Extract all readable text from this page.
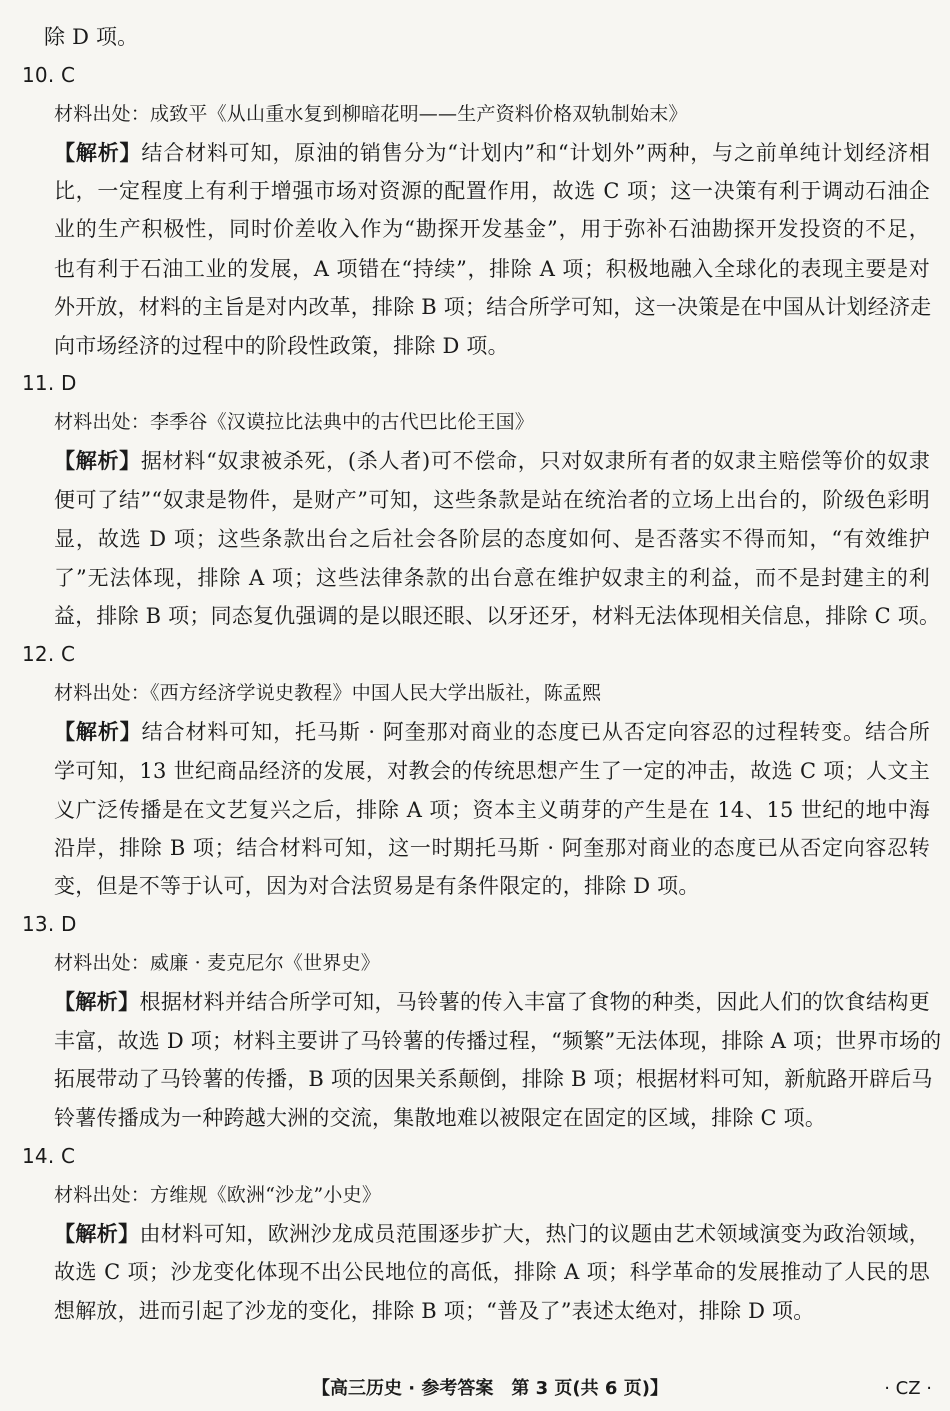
除 D 项。
10. C
材料出处：成致平《从山重水复到柳暗花明——生产资料价格双轨制始末》
【解析】结合材料可知，原油的销售分为“计划内”和“计划外”两种，与之前单纯计划经济相
比，一定程度上有利于增强市场对资源的配置作用，故选 C 项；这一决策有利于调动石油企
业的生产积极性，同时价差收入作为“勘探开发基金”，用于弥补石油勘探开发投资的不足，
也有利于石油工业的发展，A 项错在“持续”，排除 A 项；积极地融入全球化的表现主要是对
外开放，材料的主旨是对内改革，排除 B 项；结合所学可知，这一决策是在中国从计划经济走
向市场经济的过程中的阶段性政策，排除 D 项。
11. D
材料出处：李季谷《汉谟拉比法典中的古代巴比伦王国》
【解析】据材料“奴隶被杀死，(杀人者)可不偿命，只对奴隶所有者的奴隶主赔偿等价的奴隶
便可了结”“奴隶是物件，是财产”可知，这些条款是站在统治者的立场上出台的，阶级色彩明
显，故选 D 项；这些条款出台之后社会各阶层的态度如何、是否落实不得而知，“有效维护
了”无法体现，排除 A 项；这些法律条款的出台意在维护奴隶主的利益，而不是封建主的利
益，排除 B 项；同态复仇强调的是以眼还眼、以牙还牙，材料无法体现相关信息，排除 C 项。
12. C
材料出处：《西方经济学说史教程》中国人民大学出版社，陈孟熙
【解析】结合材料可知，托马斯 · 阿奎那对商业的态度已从否定向容忍的过程转变。结合所
学可知，13 世纪商品经济的发展，对教会的传统思想产生了一定的冲击，故选 C 项；人文主
义广泛传播是在文艺复兴之后，排除 A 项；资本主义萌芽的产生是在 14、15 世纪的地中海
沿岸，排除 B 项；结合材料可知，这一时期托马斯 · 阿奎那对商业的态度已从否定向容忍转
变，但是不等于认可，因为对合法贸易是有条件限定的，排除 D 项。
13. D
材料出处：威廉 · 麦克尼尔《世界史》
【解析】根据材料并结合所学可知，马铃薯的传入丰富了食物的种类，因此人们的饮食结构更
丰富，故选 D 项；材料主要讲了马铃薯的传播过程，“频繁”无法体现，排除 A 项；世界市场的
拓展带动了马铃薯的传播，B 项的因果关系颠倒，排除 B 项；根据材料可知，新航路开辟后马
铃薯传播成为一种跨越大洲的交流，集散地难以被限定在固定的区域，排除 C 项。
14. C
材料出处：方维规《欧洲“沙龙”小史》
【解析】由材料可知，欧洲沙龙成员范围逐步扩大，热门的议题由艺术领域演变为政治领域，
故选 C 项；沙龙变化体现不出公民地位的高低，排除 A 项；科学革命的发展推动了人民的思
想解放，进而引起了沙龙的变化，排除 B 项；“普及了”表述太绝对，排除 D 项。
【高三历史 · 参考答案　第 3 页(共 6 页)】	· CZ ·
